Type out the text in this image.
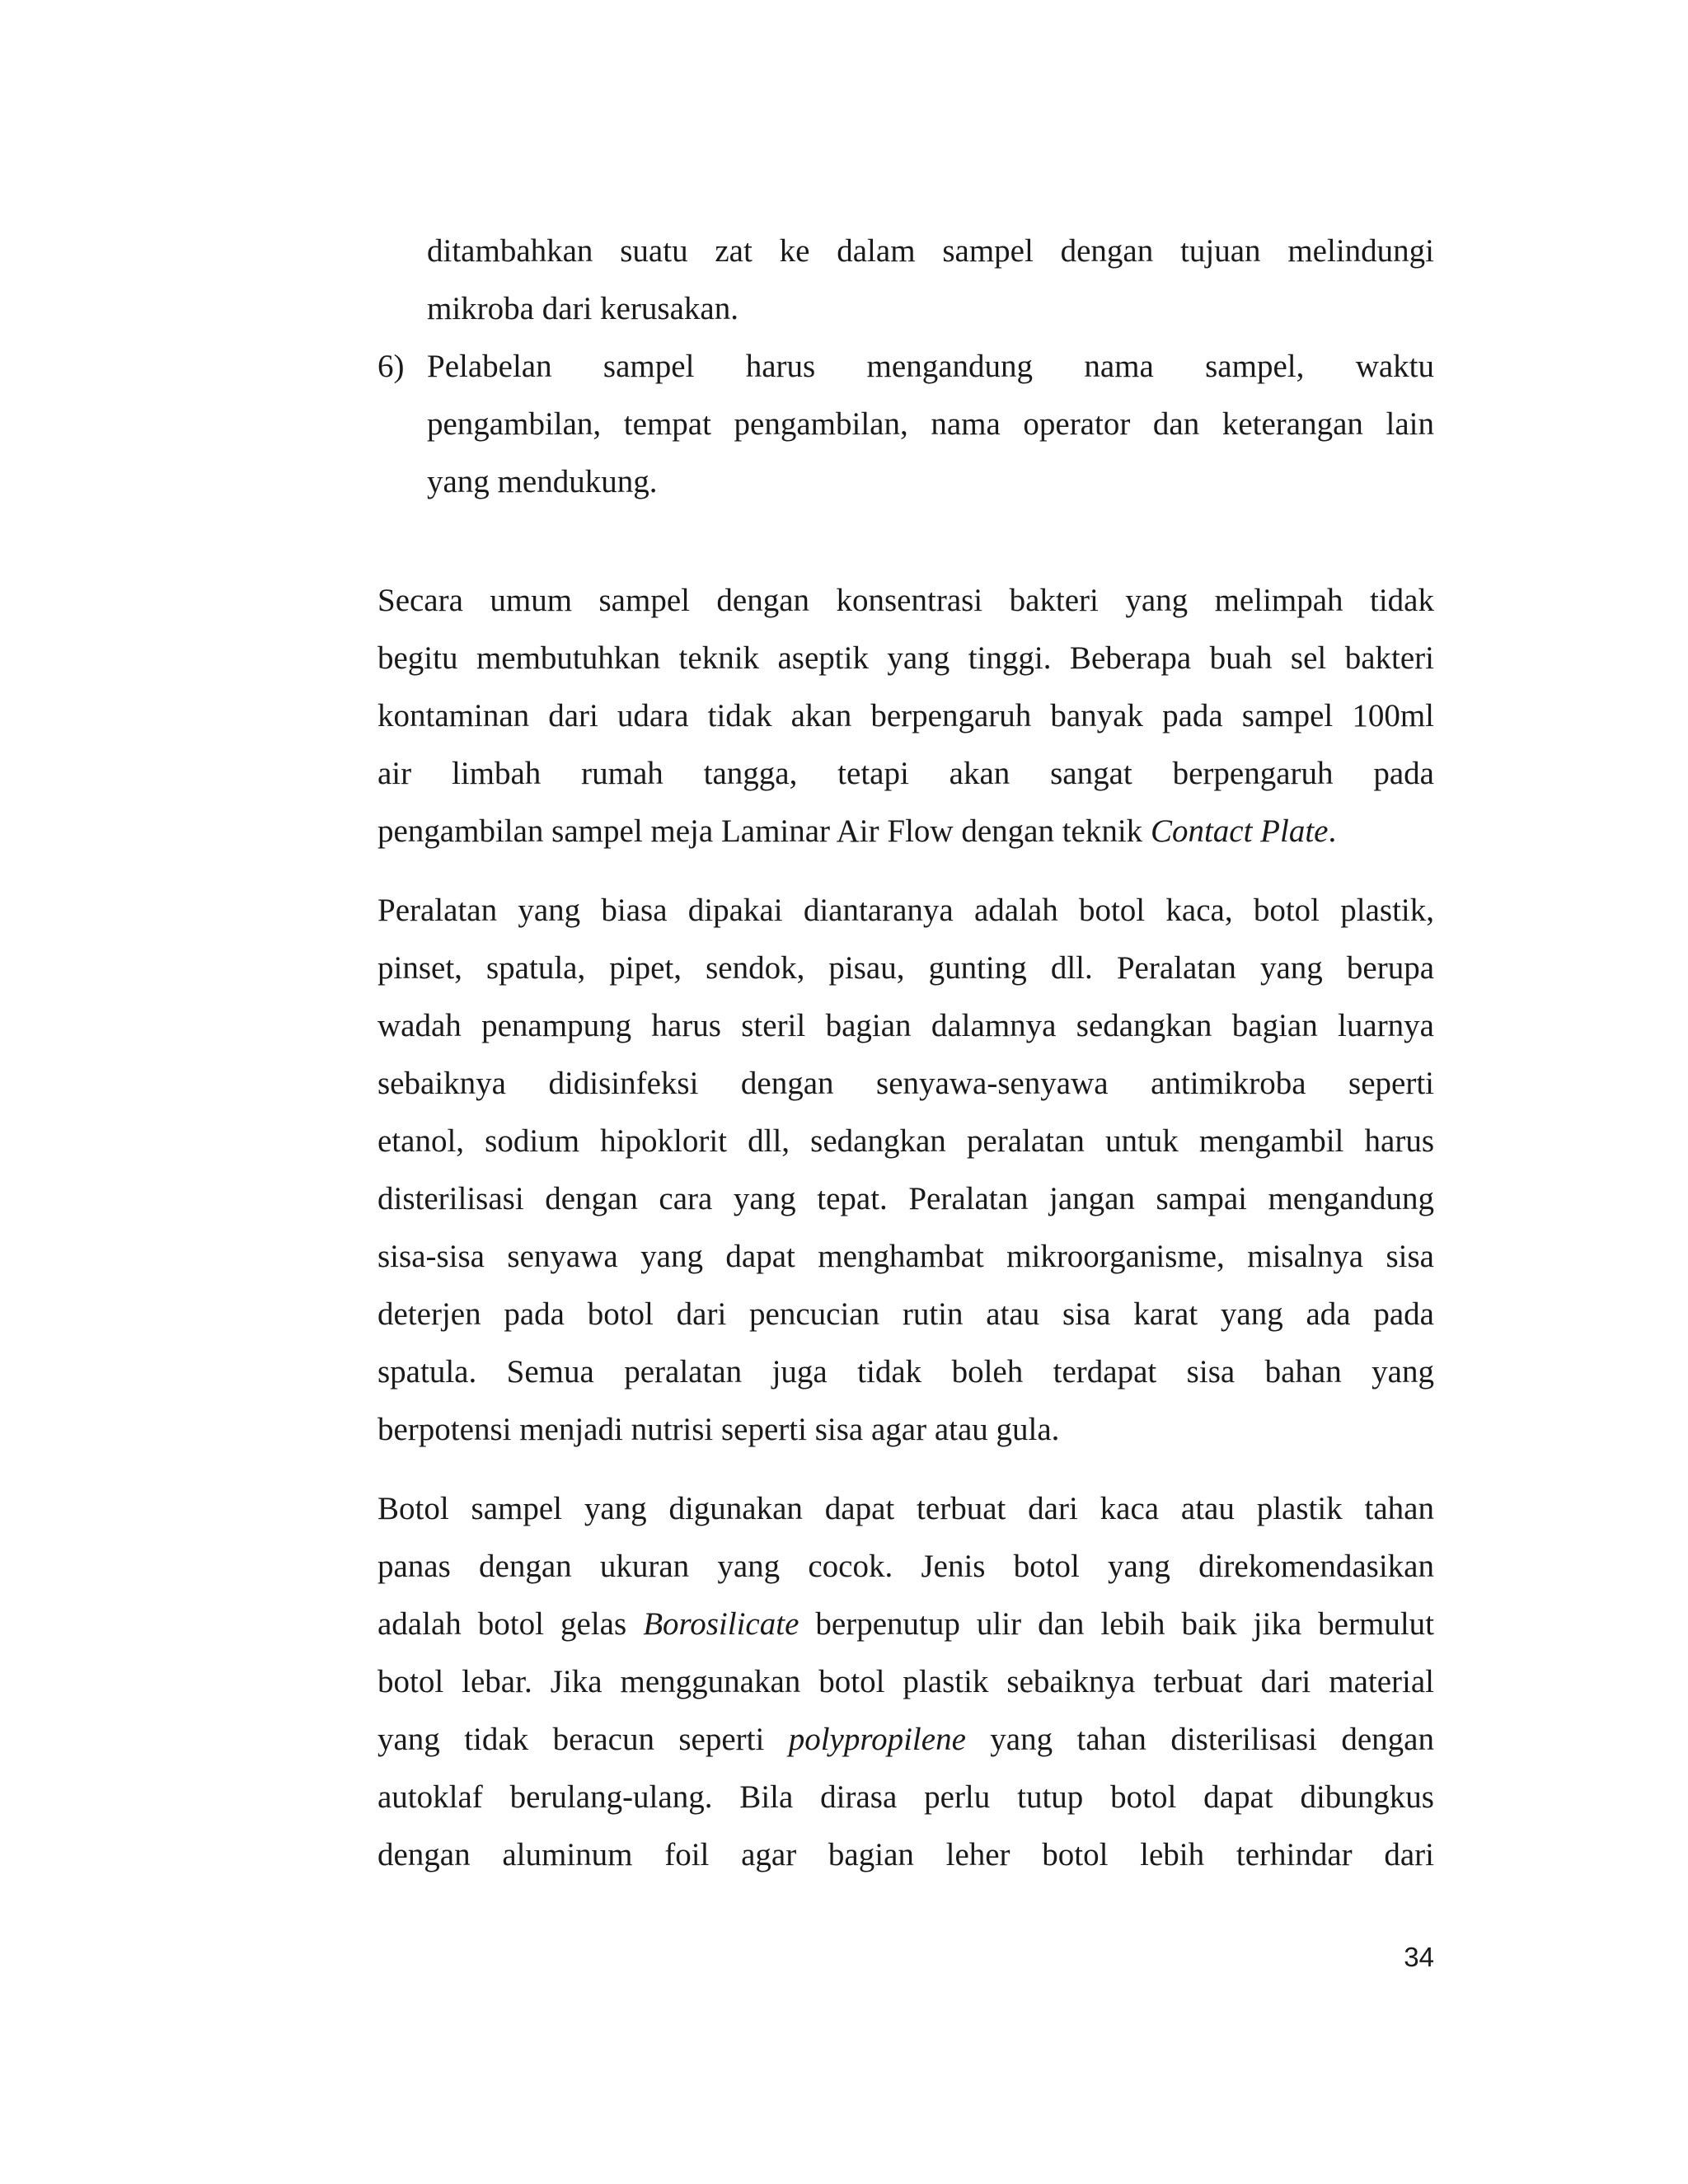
ditambahkan suatu zat ke dalam sampel dengan tujuan melindungi
mikroba dari kerusakan.
6) Pelabelan sampel harus mengandung nama sampel, waktu
pengambilan, tempat pengambilan, nama operator dan keterangan lain
yang mendukung.
Secara umum sampel dengan konsentrasi bakteri yang melimpah tidak
begitu membutuhkan teknik aseptik yang tinggi. Beberapa buah sel bakteri
kontaminan dari udara tidak akan berpengaruh banyak pada sampel 100ml
air limbah rumah tangga, tetapi akan sangat berpengaruh pada
pengambilan sampel meja Laminar Air Flow dengan teknik Contact Plate.
Peralatan yang biasa dipakai diantaranya adalah botol kaca, botol plastik,
pinset, spatula, pipet, sendok, pisau, gunting dll. Peralatan yang berupa
wadah penampung harus steril bagian dalamnya sedangkan bagian luarnya
sebaiknya didisinfeksi dengan senyawa-senyawa antimikroba seperti
etanol, sodium hipoklorit dll, sedangkan peralatan untuk mengambil harus
disterilisasi dengan cara yang tepat. Peralatan jangan sampai mengandung
sisa-sisa senyawa yang dapat menghambat mikroorganisme, misalnya sisa
deterjen pada botol dari pencucian rutin atau sisa karat yang ada pada
spatula. Semua peralatan juga tidak boleh terdapat sisa bahan yang
berpotensi menjadi nutrisi seperti sisa agar atau gula.
Botol sampel yang digunakan dapat terbuat dari kaca atau plastik tahan
panas dengan ukuran yang cocok. Jenis botol yang direkomendasikan
adalah botol gelas Borosilicate berpenutup ulir dan lebih baik jika bermulut
botol lebar. Jika menggunakan botol plastik sebaiknya terbuat dari material
yang tidak beracun seperti polypropilene yang tahan disterilisasi dengan
autoklaf berulang-ulang. Bila dirasa perlu tutup botol dapat dibungkus
dengan aluminum foil agar bagian leher botol lebih terhindar dari
34
